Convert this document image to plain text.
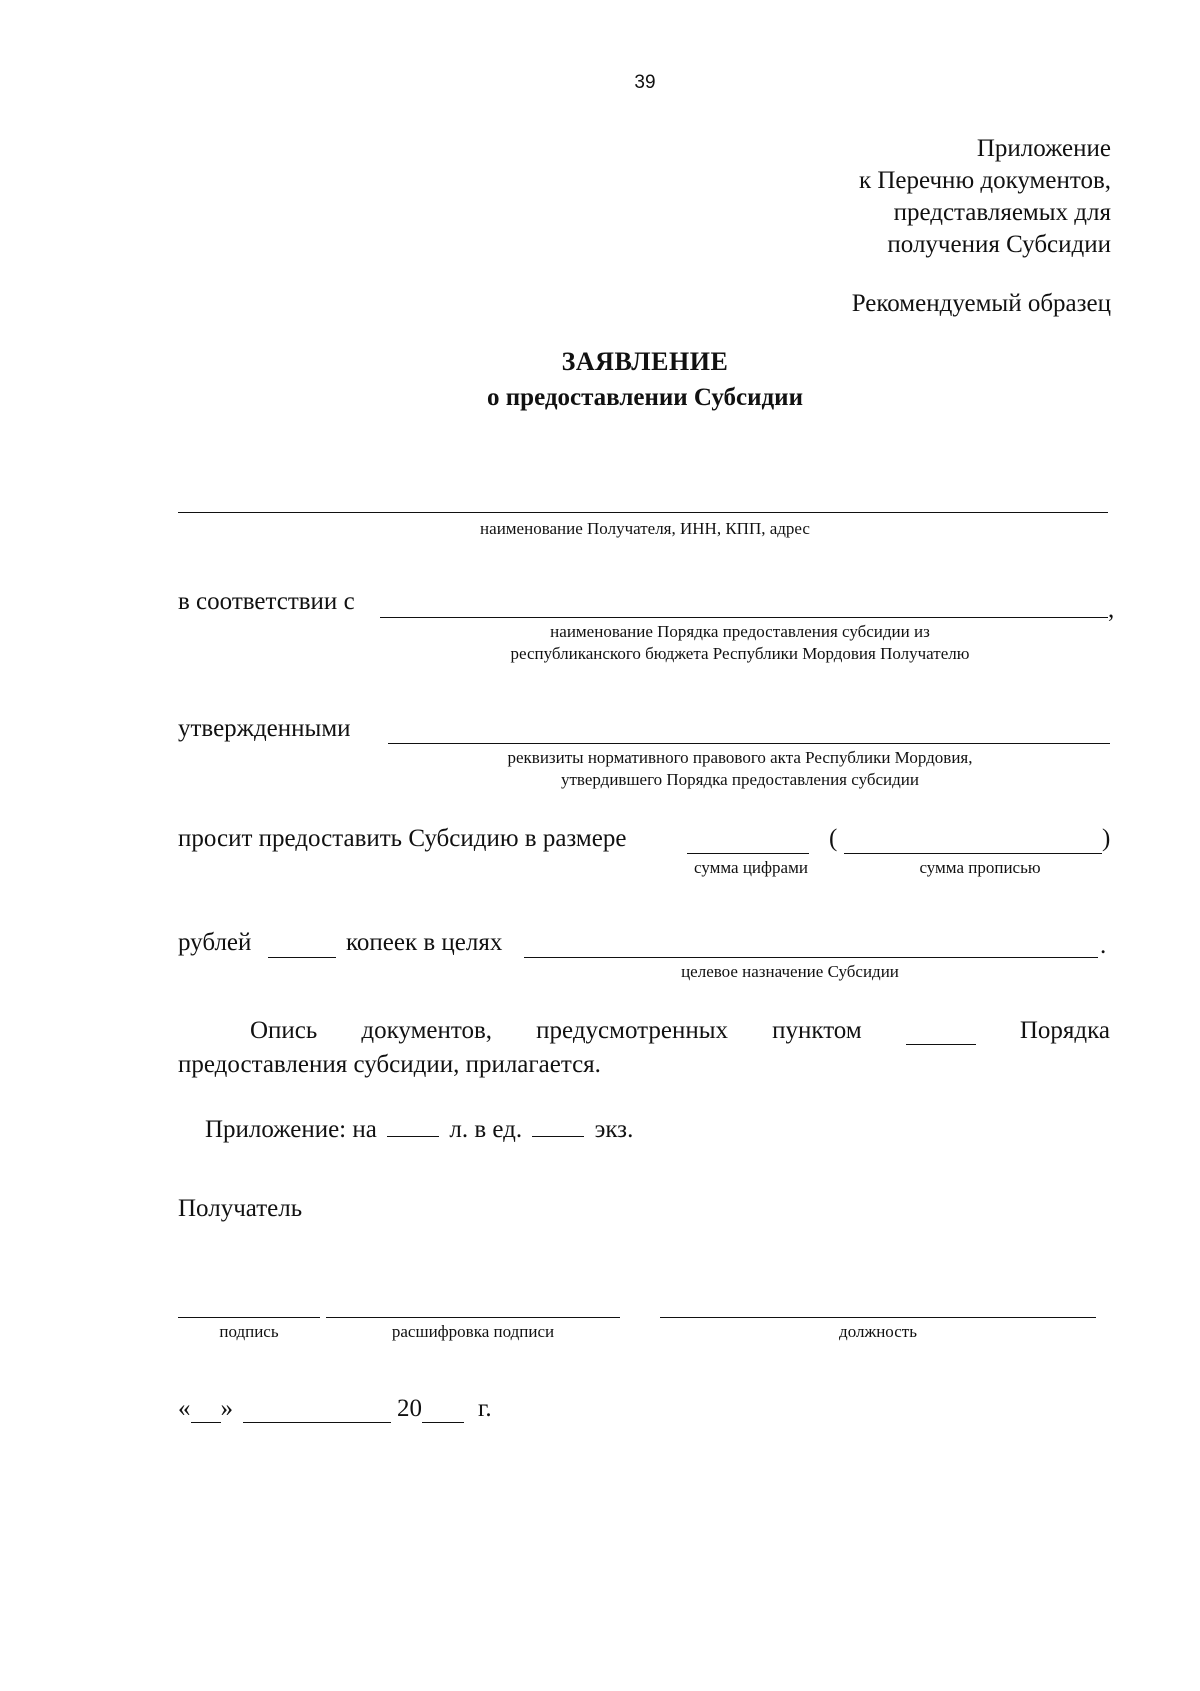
39
Приложение
к Перечню документов,
представляемых для
получения Субсидии
Рекомендуемый образец
ЗАЯВЛЕНИЕ
о предоставлении Субсидии
наименование Получателя, ИНН, КПП, адрес
в соответствии с	,
наименование Порядка предоставления субсидии из
республиканского бюджета Республики Мордовия Получателю
утвержденными
реквизиты нормативного правового акта Республики Мордовия,
утвердившего Порядка предоставления субсидии
просит предоставить Субсидию в размере	(	)
сумма цифрами	сумма прописью
рублей	копеек в целях	.
целевое назначение Субсидии
Опись документов, предусмотренных пунктом	Порядка
предоставления субсидии, прилагается.
Приложение: на	л. в ед.	экз.
Получатель
подпись	расшифровка подписи	должность
« »	20 г.
